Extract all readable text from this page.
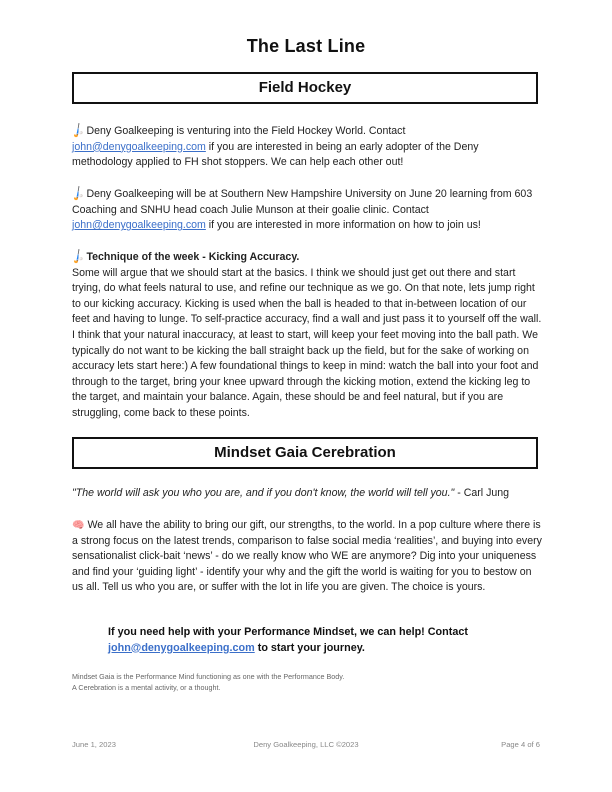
The Last Line
Field Hockey
🏑Deny Goalkeeping is venturing into the Field Hockey World. Contact john@denygoalkeeping.com if you are interested in being an early adopter of the Deny methodology applied to FH shot stoppers. We can help each other out!
🏑Deny Goalkeeping will be at Southern New Hampshire University on June 20 learning from 603 Coaching and SNHU head coach Julie Munson at their goalie clinic. Contact john@denygoalkeeping.com if you are interested in more information on how to join us!
🏑Technique of the week - Kicking Accuracy.
Some will argue that we should start at the basics. I think we should just get out there and start trying, do what feels natural to use, and refine our technique as we go. On that note, lets jump right to our kicking accuracy. Kicking is used when the ball is headed to that in-between location of our feet and having to lunge. To self-practice accuracy, find a wall and just pass it to yourself off the wall. I think that your natural inaccuracy, at least to start, will keep your feet moving into the ball path. We typically do not want to be kicking the ball straight back up the field, but for the sake of working on accuracy lets start here:) A few foundational things to keep in mind: watch the ball into your foot and through to the target, bring your knee upward through the kicking motion, extend the kicking leg to the target, and maintain your balance. Again, these should be and feel natural, but if you are struggling, come back to these points.
Mindset Gaia Cerebration
"The world will ask you who you are, and if you don't know, the world will tell you." - Carl Jung
🧠 We all have the ability to bring our gift, our strengths, to the world. In a pop culture where there is a strong focus on the latest trends, comparison to false social media ‘realities’, and buying into every sensationalist click-bait ‘news’ - do we really know who WE are anymore? Dig into your uniqueness and find your ‘guiding light’ - identify your why and the gift the world is waiting for you to bestow on us all. Tell us who you are, or suffer with the lot in life you are given. The choice is yours.
If you need help with your Performance Mindset, we can help! Contact john@denygoalkeeping.com to start your journey.
Mindset Gaia is the Performance Mind functioning as one with the Performance Body.
A Cerebration is a mental activity, or a thought.
June 1, 2023	Deny Goalkeeping, LLC ©2023	Page 4 of 6
